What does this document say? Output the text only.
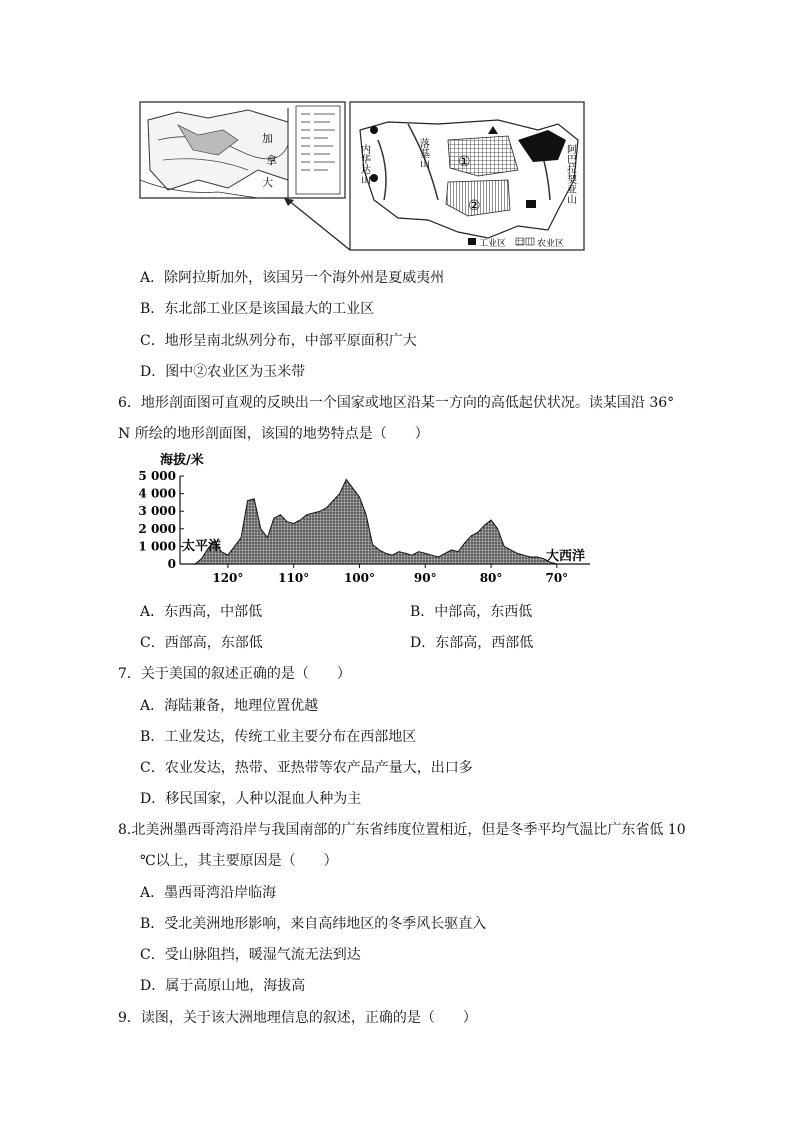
加
拿
大	内华达山	落基山	阿巴拉契亚山
①
②
工业区	农业区
A．除阿拉斯加外，该国另一个海外州是夏威夷州
B．东北部工业区是该国最大的工业区
C．地形呈南北纵列分布，中部平原面积广大
D．图中②农业区为玉米带
6．地形剖面图可直观的反映出一个国家或地区沿某一方向的高低起伏状况。读某国沿 36°
N 所绘的地形剖面图，该国的地势特点是（　　）
海拔/米
5 000
4 000
3 000
2 000
1 000
0
太平洋
大西洋
120°	110°	100°	90°	80°	70°
A．东西高，中部低	B．中部高，东西低
C．西部高，东部低	D．东部高，西部低
7．关于美国的叙述正确的是（　　）
A．海陆兼备，地理位置优越
B．工业发达，传统工业主要分布在西部地区
C．农业发达，热带、亚热带等农产品产量大，出口多
D．移民国家，人种以混血人种为主
8.北美洲墨西哥湾沿岸与我国南部的广东省纬度位置相近，但是冬季平均气温比广东省低 10
℃以上，其主要原因是（　　）
A．墨西哥湾沿岸临海
B．受北美洲地形影响，来自高纬地区的冬季风长驱直入
C．受山脉阻挡，暖湿气流无法到达
D．属于高原山地，海拔高
9．读图，关于该大洲地理信息的叙述，正确的是（　　）
